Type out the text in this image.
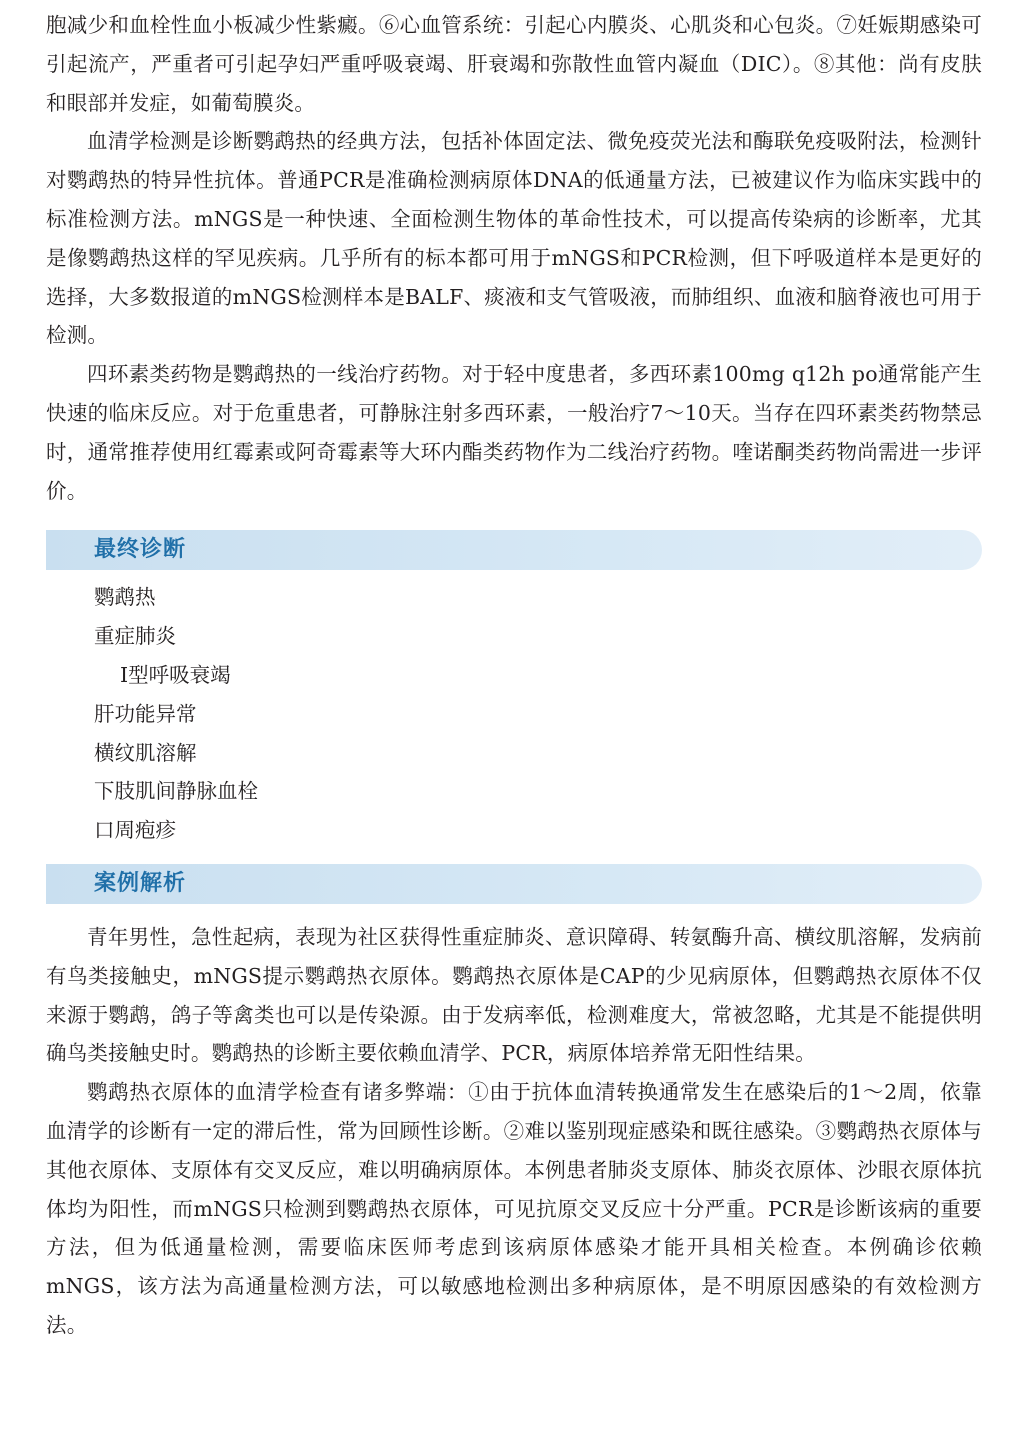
胞减少和血栓性血小板减少性紫癜。⑥心血管系统：引起心内膜炎、心肌炎和心包炎。⑦妊娠期感染可引起流产，严重者可引起孕妇严重呼吸衰竭、肝衰竭和弥散性血管内凝血（DIC）。⑧其他：尚有皮肤和眼部并发症，如葡萄膜炎。

血清学检测是诊断鹦鹉热的经典方法，包括补体固定法、微免疫荧光法和酶联免疫吸附法，检测针对鹦鹉热的特异性抗体。普通PCR是准确检测病原体DNA的低通量方法，已被建议作为临床实践中的标准检测方法。mNGS是一种快速、全面检测生物体的革命性技术，可以提高传染病的诊断率，尤其是像鹦鹉热这样的罕见疾病。几乎所有的标本都可用于mNGS和PCR检测，但下呼吸道样本是更好的选择，大多数报道的mNGS检测样本是BALF、痰液和支气管吸液，而肺组织、血液和脑脊液也可用于检测。

四环素类药物是鹦鹉热的一线治疗药物。对于轻中度患者，多西环素100mg q12h po通常能产生快速的临床反应。对于危重患者，可静脉注射多西环素，一般治疗7～10天。当存在四环素类药物禁忌时，通常推荐使用红霉素或阿奇霉素等大环内酯类药物作为二线治疗药物。喹诺酮类药物尚需进一步评价。

最终诊断
鹦鹉热
重症肺炎
Ⅰ型呼吸衰竭
肝功能异常
横纹肌溶解
下肢肌间静脉血栓
口周疱疹
案例解析

青年男性，急性起病，表现为社区获得性重症肺炎、意识障碍、转氨酶升高、横纹肌溶解，发病前有鸟类接触史，mNGS提示鹦鹉热衣原体。鹦鹉热衣原体是CAP的少见病原体，但鹦鹉热衣原体不仅来源于鹦鹉，鸽子等禽类也可以是传染源。由于发病率低，检测难度大，常被忽略，尤其是不能提供明确鸟类接触史时。鹦鹉热的诊断主要依赖血清学、PCR，病原体培养常无阳性结果。

鹦鹉热衣原体的血清学检查有诸多弊端：①由于抗体血清转换通常发生在感染后的1～2周，依靠血清学的诊断有一定的滞后性，常为回顾性诊断。②难以鉴别现症感染和既往感染。③鹦鹉热衣原体与其他衣原体、支原体有交叉反应，难以明确病原体。本例患者肺炎支原体、肺炎衣原体、沙眼衣原体抗体均为阳性，而mNGS只检测到鹦鹉热衣原体，可见抗原交叉反应十分严重。PCR是诊断该病的重要方法，但为低通量检测，需要临床医师考虑到该病原体感染才能开具相关检查。本例确诊依赖mNGS，该方法为高通量检测方法，可以敏感地检测出多种病原体，是不明原因感染的有效检测方法。
